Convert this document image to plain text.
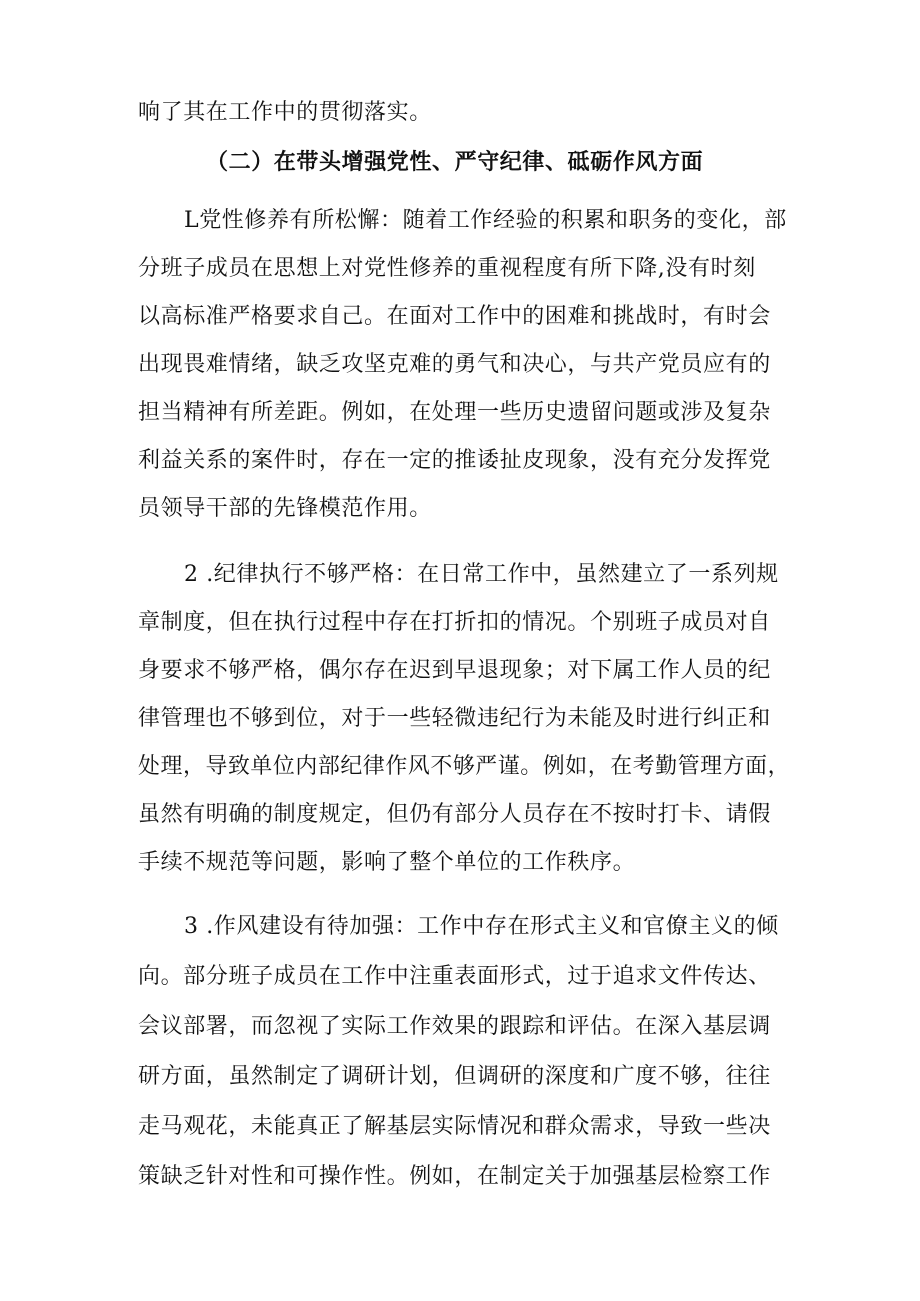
响了其在工作中的贯彻落实。
（二）在带头增强党性、严守纪律、砥砺作风方面
L党性修养有所松懈：随着工作经验的积累和职务的变化，部
分班子成员在思想上对党性修养的重视程度有所下降,没有时刻
以高标准严格要求自己。在面对工作中的困难和挑战时，有时会
出现畏难情绪，缺乏攻坚克难的勇气和决心，与共产党员应有的
担当精神有所差距。例如，在处理一些历史遗留问题或涉及复杂
利益关系的案件时，存在一定的推诿扯皮现象，没有充分发挥党
员领导干部的先锋模范作用。
2 .纪律执行不够严格：在日常工作中，虽然建立了一系列规
章制度，但在执行过程中存在打折扣的情况。个别班子成员对自
身要求不够严格，偶尔存在迟到早退现象；对下属工作人员的纪
律管理也不够到位，对于一些轻微违纪行为未能及时进行纠正和
处理，导致单位内部纪律作风不够严谨。例如，在考勤管理方面，
虽然有明确的制度规定，但仍有部分人员存在不按时打卡、请假
手续不规范等问题，影响了整个单位的工作秩序。
3 .作风建设有待加强：工作中存在形式主义和官僚主义的倾
向。部分班子成员在工作中注重表面形式，过于追求文件传达、
会议部署，而忽视了实际工作效果的跟踪和评估。在深入基层调
研方面，虽然制定了调研计划，但调研的深度和广度不够，往往
走马观花，未能真正了解基层实际情况和群众需求，导致一些决
策缺乏针对性和可操作性。例如，在制定关于加强基层检察工作
